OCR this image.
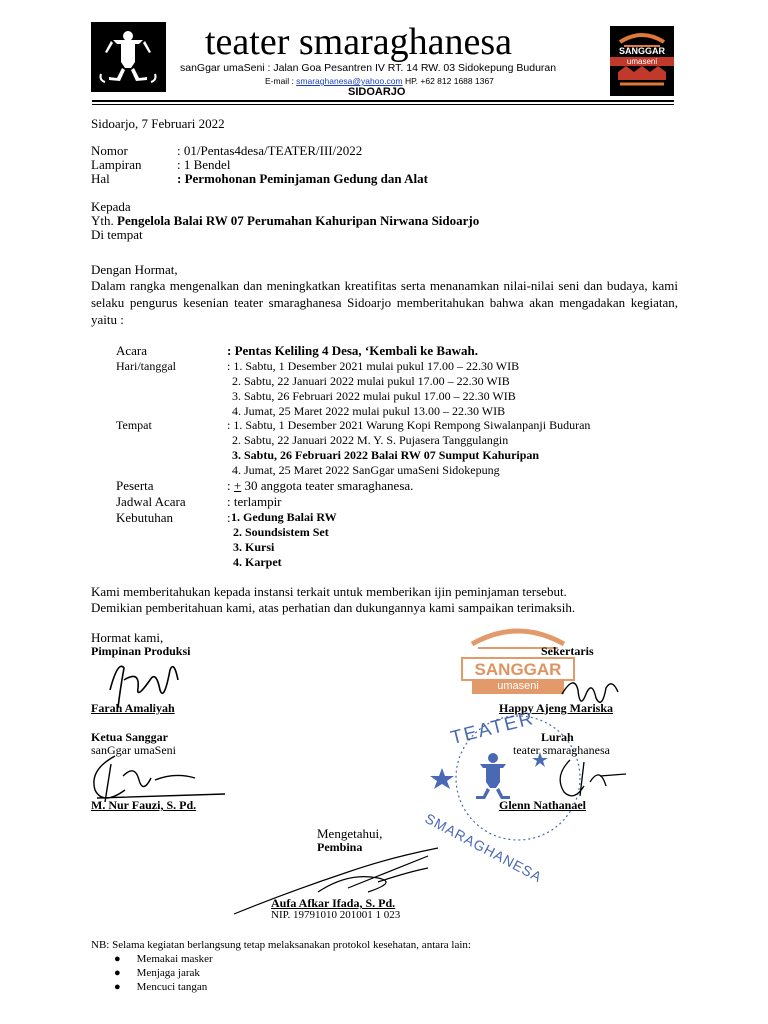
teater smaraghanesa
sanGgar umaSeni : Jalan Goa Pesantren IV RT. 14 RW. 03 Sidokepung Buduran
E-mail : smaraghanesa@yahoo.com HP. +62 812 1688 1367
SIDOARJO
SANGGAR
umaseni
Sidoarjo, 7 Februari 2022
Nomor	: 01/Pentas4desa/TEATER/III/2022
Lampiran	: 1 Bendel
Hal	: Permohonan Peminjaman Gedung dan Alat
Kepada
Yth. Pengelola Balai RW 07 Perumahan Kahuripan Nirwana Sidoarjo
Di tempat
Dengan Hormat,
Dalam rangka mengenalkan dan meningkatkan kreatifitas serta menanamkan nilai-nilai seni dan budaya, kami selaku pengurus kesenian teater smaraghanesa Sidoarjo memberitahukan bahwa akan mengadakan kegiatan, yaitu :
Acara	: Pentas Keliling 4 Desa, ‘Kembali ke Bawah.
Hari/tanggal	: 1. Sabtu, 1 Desember 2021 mulai pukul 17.00 – 22.30 WIB
2. Sabtu, 22 Januari 2022 mulai pukul 17.00 – 22.30 WIB
3. Sabtu, 26 Februari 2022 mulai pukul 17.00 – 22.30 WIB
4. Jumat, 25 Maret 2022 mulai pukul 13.00 – 22.30 WIB
Tempat	: 1. Sabtu, 1 Desember 2021 Warung Kopi Rempong Siwalanpanji Buduran
2. Sabtu, 22 Januari 2022 M. Y. S. Pujasera Tanggulangin
3. Sabtu, 26 Februari 2022 Balai RW 07 Sumput Kahuripan
4. Jumat, 25 Maret 2022 SanGgar umaSeni Sidokepung
Peserta	: + 30 anggota teater smaraghanesa.
Jadwal Acara	: terlampir
Kebutuhan	: 1. Gedung Balai RW
2. Soundsistem Set
3. Kursi
4. Karpet
Kami memberitahukan kepada instansi terkait untuk memberikan ijin peminjaman tersebut.
Demikian pemberitahuan kami, atas perhatian dan dukungannya kami sampaikan terimaksih.
SANGGAR
umaseni
TEATER
SMARAGHANESA
Hormat kami,
Pimpinan Produksi	Sekertaris
Farah Amaliyah	Happy Ajeng Mariska
Ketua Sanggar
sanGgar umaSeni
Lurah
teater smaraghanesa
M. Nur Fauzi, S. Pd.	Glenn Nathanael
Mengetahui,
Pembina
Aufa Afkar Ifada, S. Pd.
NIP. 19791010 201001 1 023
NB: Selama kegiatan berlangsung tetap melaksanakan protokol kesehatan, antara lain:
● Memakai masker
● Menjaga jarak
● Mencuci tangan
